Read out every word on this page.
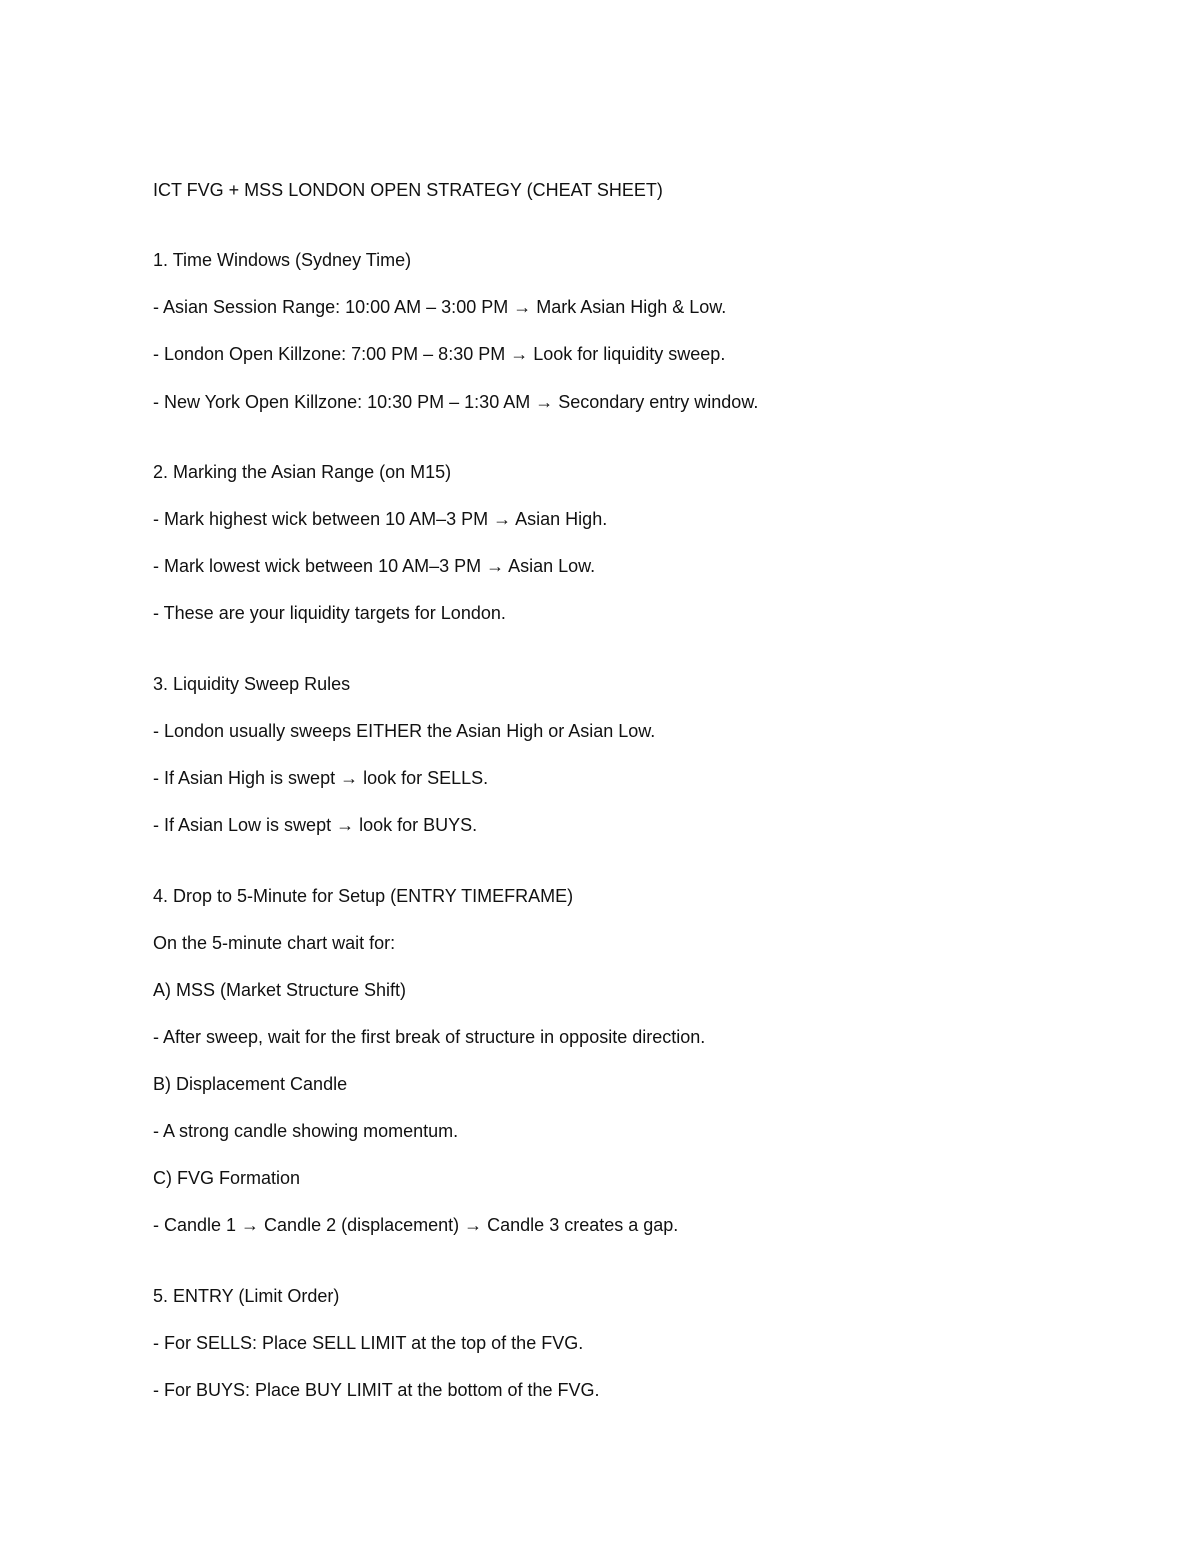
ICT FVG + MSS LONDON OPEN STRATEGY (CHEAT SHEET)

1. Time Windows (Sydney Time)

- Asian Session Range: 10:00 AM – 3:00 PM → Mark Asian High & Low.

- London Open Killzone: 7:00 PM – 8:30 PM → Look for liquidity sweep.

- New York Open Killzone: 10:30 PM – 1:30 AM → Secondary entry window.

2. Marking the Asian Range (on M15)

- Mark highest wick between 10 AM–3 PM → Asian High.

- Mark lowest wick between 10 AM–3 PM → Asian Low.

- These are your liquidity targets for London.

3. Liquidity Sweep Rules

- London usually sweeps EITHER the Asian High or Asian Low.

- If Asian High is swept → look for SELLS.

- If Asian Low is swept → look for BUYS.

4. Drop to 5-Minute for Setup (ENTRY TIMEFRAME)

On the 5-minute chart wait for:

A) MSS (Market Structure Shift)

- After sweep, wait for the first break of structure in opposite direction.

B) Displacement Candle

- A strong candle showing momentum.

C) FVG Formation

- Candle 1 → Candle 2 (displacement) → Candle 3 creates a gap.

5. ENTRY (Limit Order)

- For SELLS: Place SELL LIMIT at the top of the FVG.

- For BUYS: Place BUY LIMIT at the bottom of the FVG.
